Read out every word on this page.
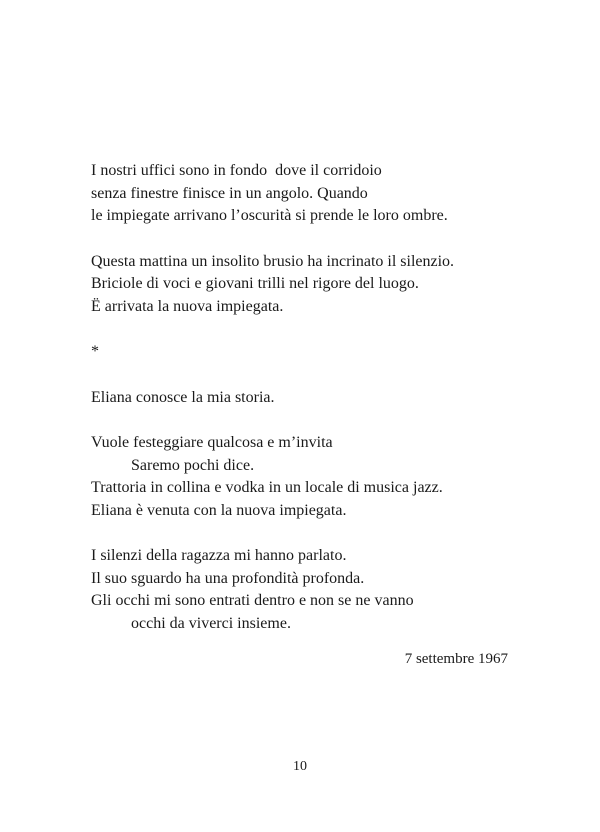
I nostri uffici sono in fondo  dove il corridoio
senza finestre finisce in un angolo. Quando
le impiegate arrivano l’oscurità si prende le loro ombre.
Questa mattina un insolito brusio ha incrinato il silenzio.
Briciole di voci e giovani trilli nel rigore del luogo.
Ë arrivata la nuova impiegata.
*
Eliana conosce la mia storia.
Vuole festeggiare qualcosa e m’invita
Saremo pochi dice.
Trattoria in collina e vodka in un locale di musica jazz.
Eliana è venuta con la nuova impiegata.
I silenzi della ragazza mi hanno parlato.
Il suo sguardo ha una profondità profonda.
Gli occhi mi sono entrati dentro e non se ne vanno
occhi da viverci insieme.
7 settembre 1967
10
